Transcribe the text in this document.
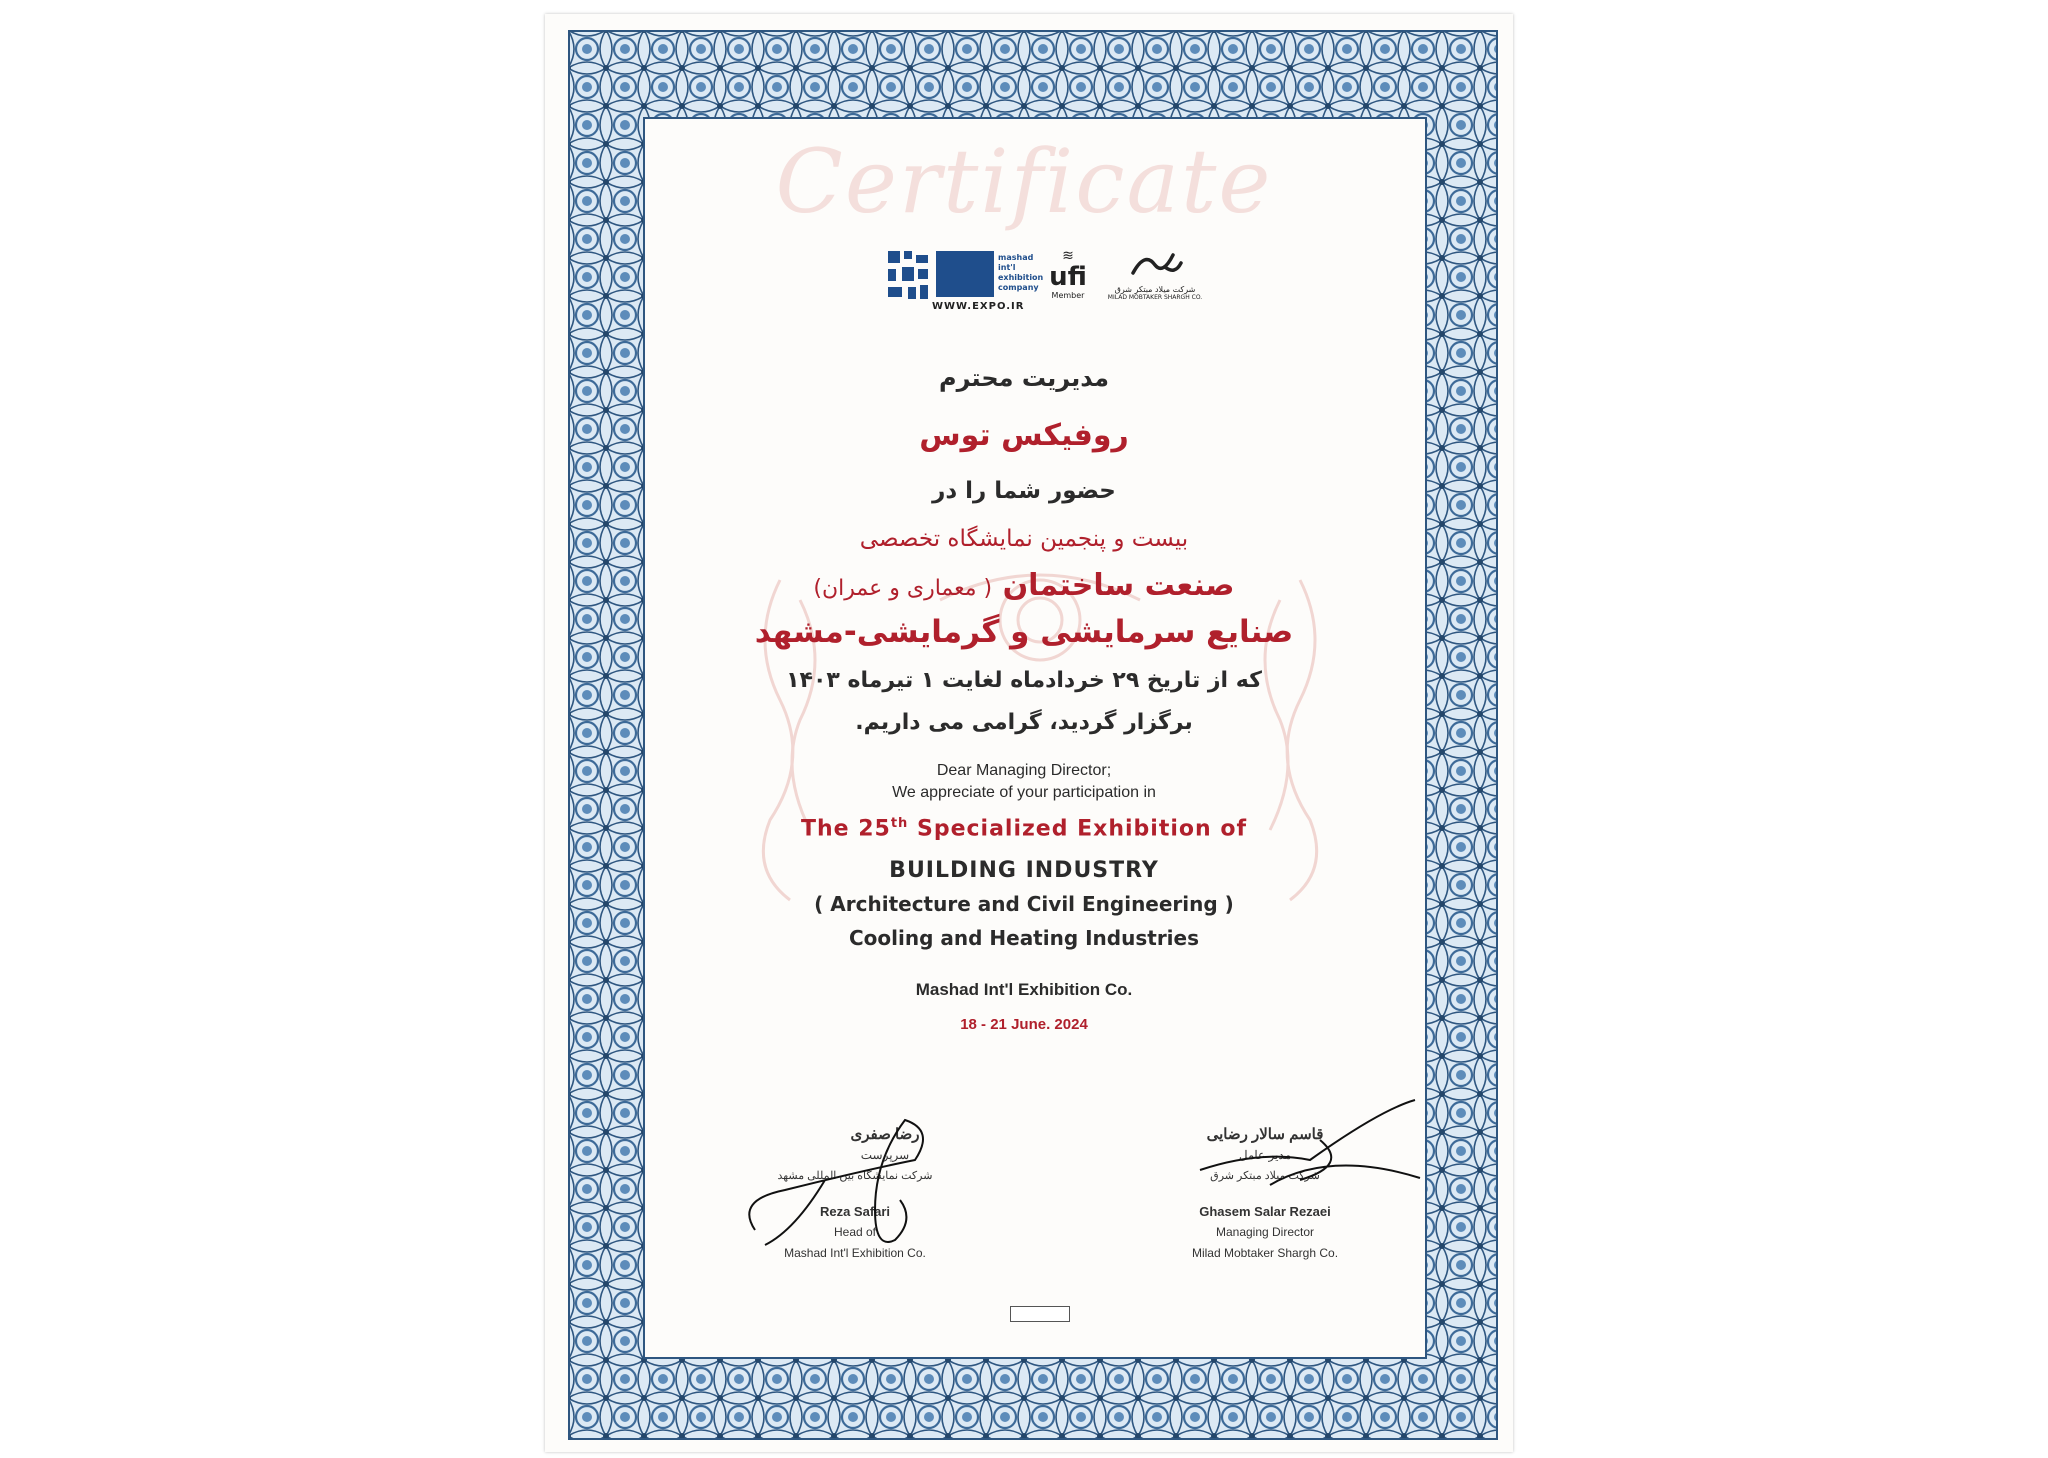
Certificate
mashad int'l exhibition company
WWW.EXPO.IR
≋
ufi
Member
شرکت میلاد مبتکر شرق
MILAD MOBTAKER SHARGH CO.
مدیریت محترم
روفیکس توس
حضور شما را در
بیست و پنجمین نمایشگاه تخصصی
صنعت ساختمان ( معماری و عمران)
صنایع سرمایشی و گرمایشی-مشهد
که از تاریخ ۲۹ خردادماه لغایت ۱ تیرماه ۱۴۰۳
برگزار گردید، گرامی می داریم.
Dear Managing Director;
We appreciate of your participation in
The 25th Specialized Exhibition of
BUILDING INDUSTRY
( Architecture and Civil Engineering )
Cooling and Heating Industries
Mashad Int'l Exhibition Co.
18 - 21 June. 2024
رضا صفری
سرپرست
شرکت نمایشگاه بین المللی مشهد
Reza Safari
Head of
Mashad Int'l Exhibition Co.
قاسم سالار رضایی
مدیر عامل
شرکت میلاد مبتکر شرق
Ghasem Salar Rezaei
Managing Director
Milad Mobtaker Shargh Co.
